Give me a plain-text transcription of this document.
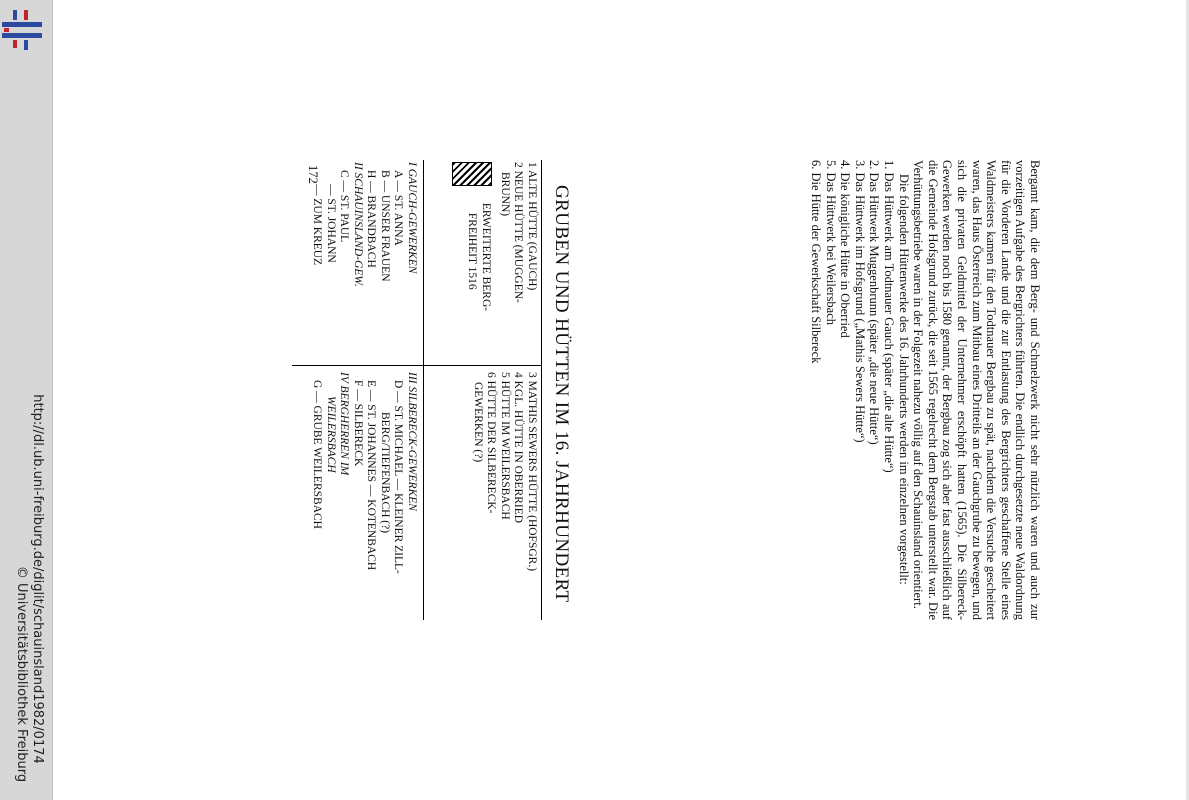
http://dl.ub.uni-freiburg.de/diglit/schauinsland1982/0174
© Universitätsbibliothek Freiburg

Bergamt kam, die dem Berg- und Schmelzwerk nicht sehr nützlich waren und auch zur vorzeitigen Aufgabe des Bergrichters führten. Die endlich durchgesetzte neue Waldordnung für die Vorderen Lande und die zur Entlastung des Bergrichters geschaffene Stelle eines Waldmeisters kamen für den Todtnauer Bergbau zu spät, nachdem die Versuche gescheitert waren, das Haus Österreich zum Mitbau eines Dritteils an der Gauchgrube zu bewegen, und sich die privaten Geldmittel der Unternehmer erschöpft hatten (1565). Die Silbereck-Gewerken werden noch bis 1580 genannt, der Bergbau zog sich aber fast ausschließlich auf die Gemeinde Hofsgrund zurück, die seit 1565 regelrecht dem Bergstab unterstellt war. Die Verhüttungsbetriebe waren in der Folgezeit nahezu völlig auf den Schauinsland orientiert.

Die folgenden Hüttenwerke des 16. Jahrhunderts werden im einzelnen vorgestellt:

1. Das Hüttwerk am Todtnauer Gauch (später „die alte Hütte“)
2. Das Hüttwerk Muggenbrunn (später „die neue Hütte“)
3. Das Hüttwerk im Hofsgrund („Mathis Sewers Hütte“)
4. Die königliche Hütte in Oberried
5. Das Hüttwerk bei Weilersbach
6. Die Hütte der Gewerkschaft Silbereck
GRUBEN UND HÜTTEN IM 16. JAHRHUNDERT
1 ALTE HÜTTE (GAUCH)
2 NEUE HÜTTE (MUGGEN-
BRUNN)
ERWEITERTE BERG-
FREIHEIT 1516
3 MATHIS SEWERS HÜTTE (HOFSGR.)
4 KGL. HÜTTE IN OBERRIED
5 HÜTTE IM WEILERSBACH
6 HÜTTE DER SILBERECK-
GEWERKEN (?)
I GAUCH-GEWERKEN
A — ST. ANNA
B — UNSER FRAUEN
H — BRANDBACH
II SCHAUINSLAND-GEW.
C — ST. PAUL
— ST. JOHANN
— ZUM KREUZ
III SILBERECK-GEWERKEN
D — ST. MICHAEL — KLEINER ZILL-
BERG/TIEFENBACH (?)
E — ST. JOHANNES — KOTENBACH
F — SILBERECK
IV BERGHERREN IM
WEILERSBACH
G — GRUBE WEILERSBACH
172
